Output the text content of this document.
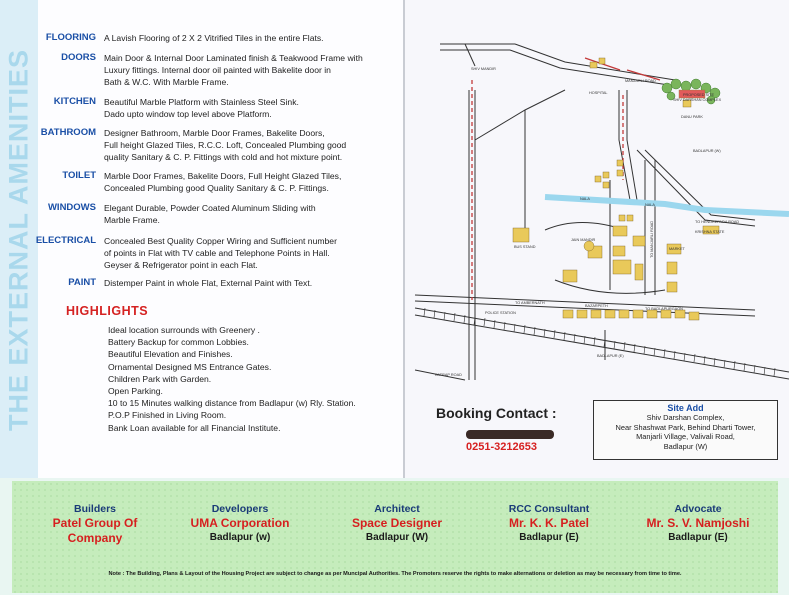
THE EXTERNAL AMENITIES
FLOORING A Lavish Flooring of 2 X 2 Vitrified Tiles in the entire Flats.
DOORS Main Door & Internal Door Laminated finish & Teakwood Frame with
Luxury fittings. Internal door oil painted with Bakelite door in
Bath & W.C. With Marble Frame.
KITCHEN Beautiful Marble Platform with Stainless Steel Sink.
Dado upto window top level above Platform.
BATHROOM Designer Bathroom, Marble Door Frames, Bakelite Doors,
Full height Glazed Tiles, R.C.C. Loft, Concealed Plumbing good
quality Sanitary & C. P. Fittings with cold and hot mixture point.
TOILET Marble Door Frames, Bakelite Doors, Full Height Glazed Tiles,
Concealed Plumbing good Quality Sanitary & C. P. Fittings.
WINDOWS Elegant Durable, Powder Coated Aluminum Sliding with
Marble Frame.
ELECTRICAL Concealed Best Quality Copper Wiring and Sufficient number
of points in Flat with TV cable and Telephone Points in Hall.
Geyser & Refrigerator point in each Flat.
PAINT Distemper Paint in whole Flat, External Paint with Text.
HIGHLIGHTS
Ideal location surrounds with Greenery .
Battery Backup for common Lobbies.
Beautiful Elevation and Finishes.
Ornamental Designed MS Entrance Gates.
Children Park with Garden.
Open Parking.
10 to 15 Minutes walking distance from Badlapur (w) Rly. Station.
P.O.P Finished in Living Room.
Bank Loan available for all Financial Institute.
SHIV MANDIR
HOSPITAL
MANJARLI ROAD
PROPOSED SITE
SHIV DARSHAN COMPLEX
DANU PARK
BADLAPUR (W)
NALA
NALA
TO HENDREPADA ROAD
KRISHNA STATE
TO MANJARLI ROAD
BUS STAND
JAIN MANDIR
MARKET
TO AMBERNATH
BAZARPETH
TO BADLAPURGAON
POLICE STATION
BADLAPUR (E)
KATRAP ROAD
Booking Contact :
0251-3212653
Site Add
Shiv Darshan Complex,
Near Shashwat Park, Behind Dharti Tower,
Manjarli Village, Valivali Road,
Badlapur (W)
Builders
Patel Group Of
Company
Developers
UMA Corporation
Badlapur (w)
Architect
Space Designer
Badlapur (W)
RCC Consultant
Mr. K. K. Patel
Badlapur (E)
Advocate
Mr. S. V. Namjoshi
Badlapur (E)
Note : The Building, Plans & Layout of the Housing Project are subject to change as per Muncipal Authorities. The Promoters reserve the rights to make alternations or deletion as may be necessary from time to time.
